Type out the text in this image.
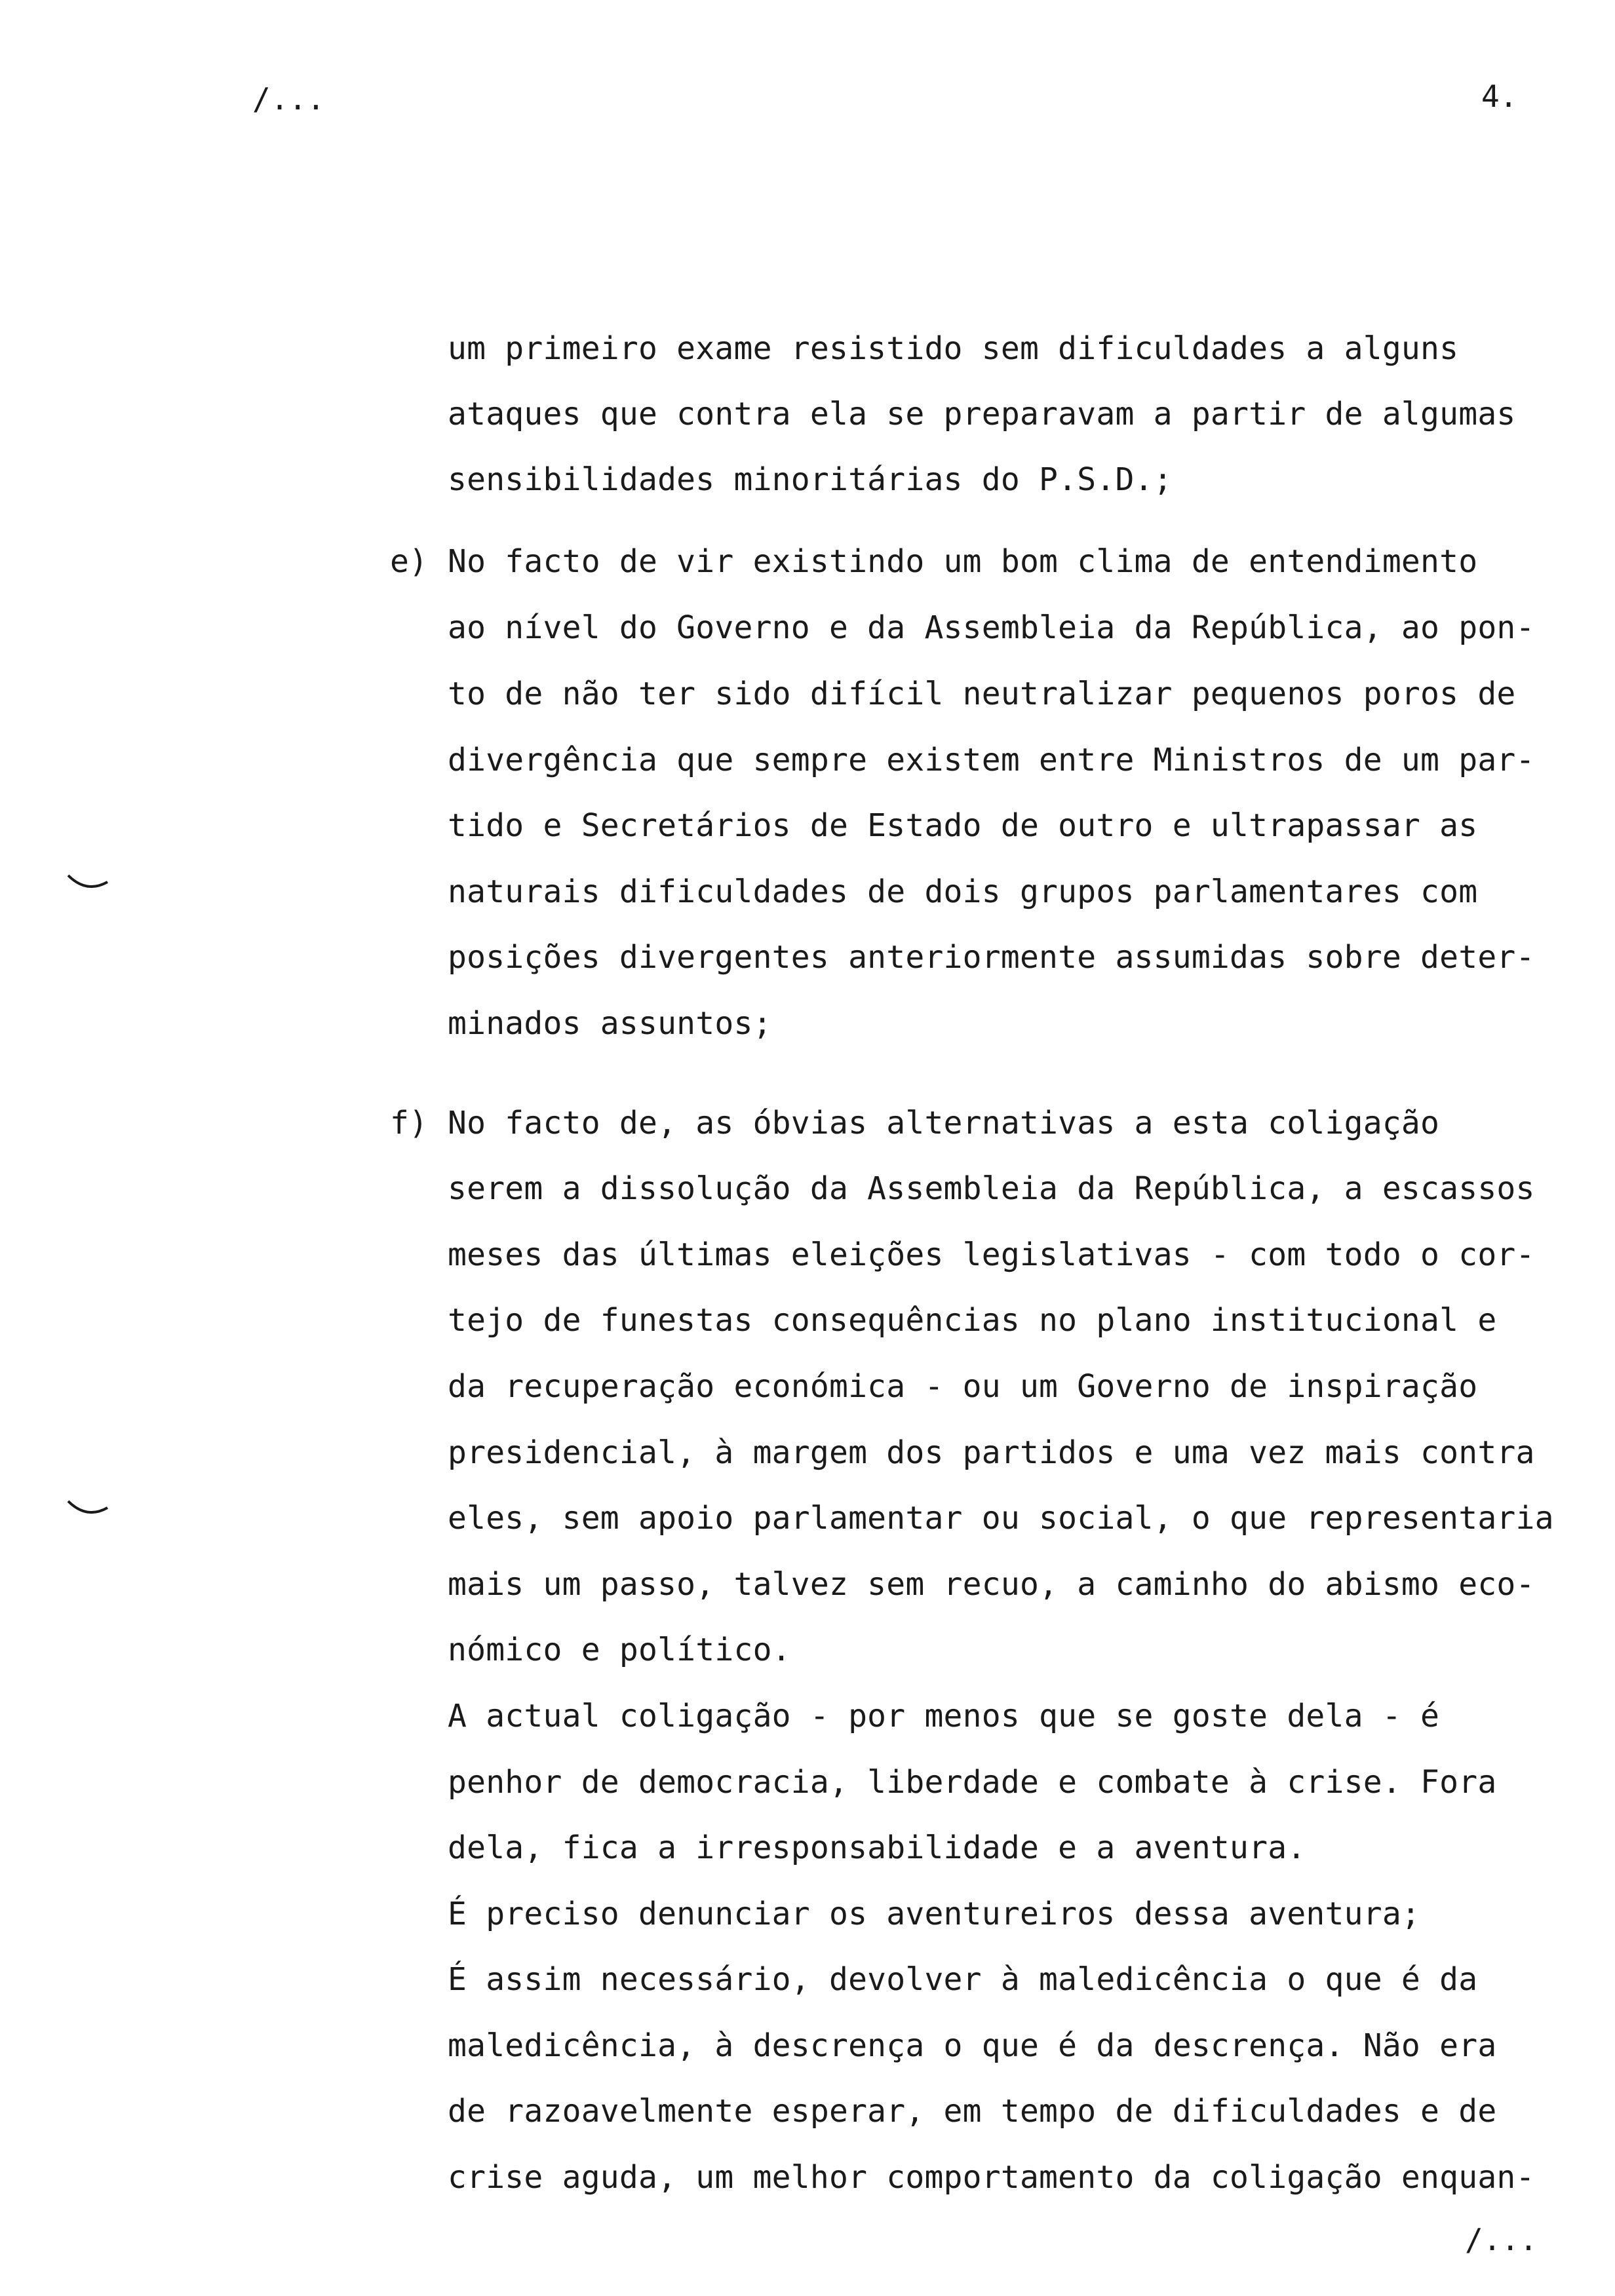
/...	4.
um primeiro exame resistido sem dificuldades a alguns
ataques que contra ela se preparavam a partir de algumas
sensibilidades minoritárias do P.S.D.;
e) No facto de vir existindo um bom clima de entendimento
ao nível do Governo e da Assembleia da República, ao pon-
to de não ter sido difícil neutralizar pequenos poros de
divergência que sempre existem entre Ministros de um par-
tido e Secretários de Estado de outro e ultrapassar as
naturais dificuldades de dois grupos parlamentares com
posições divergentes anteriormente assumidas sobre deter-
minados assuntos;
f) No facto de, as óbvias alternativas a esta coligação
serem a dissolução da Assembleia da República, a escassos
meses das últimas eleições legislativas - com todo o cor-
tejo de funestas consequências no plano institucional e
da recuperação económica - ou um Governo de inspiração
presidencial, à margem dos partidos e uma vez mais contra
eles, sem apoio parlamentar ou social, o que representaria
mais um passo, talvez sem recuo, a caminho do abismo eco-
nómico e político.
A actual coligação - por menos que se goste dela - é
penhor de democracia, liberdade e combate à crise. Fora
dela, fica a irresponsabilidade e a aventura.
É preciso denunciar os aventureiros dessa aventura;
É assim necessário, devolver à maledicência o que é da
maledicência, à descrença o que é da descrença. Não era
de razoavelmente esperar, em tempo de dificuldades e de
crise aguda, um melhor comportamento da coligação enquan-
/...
